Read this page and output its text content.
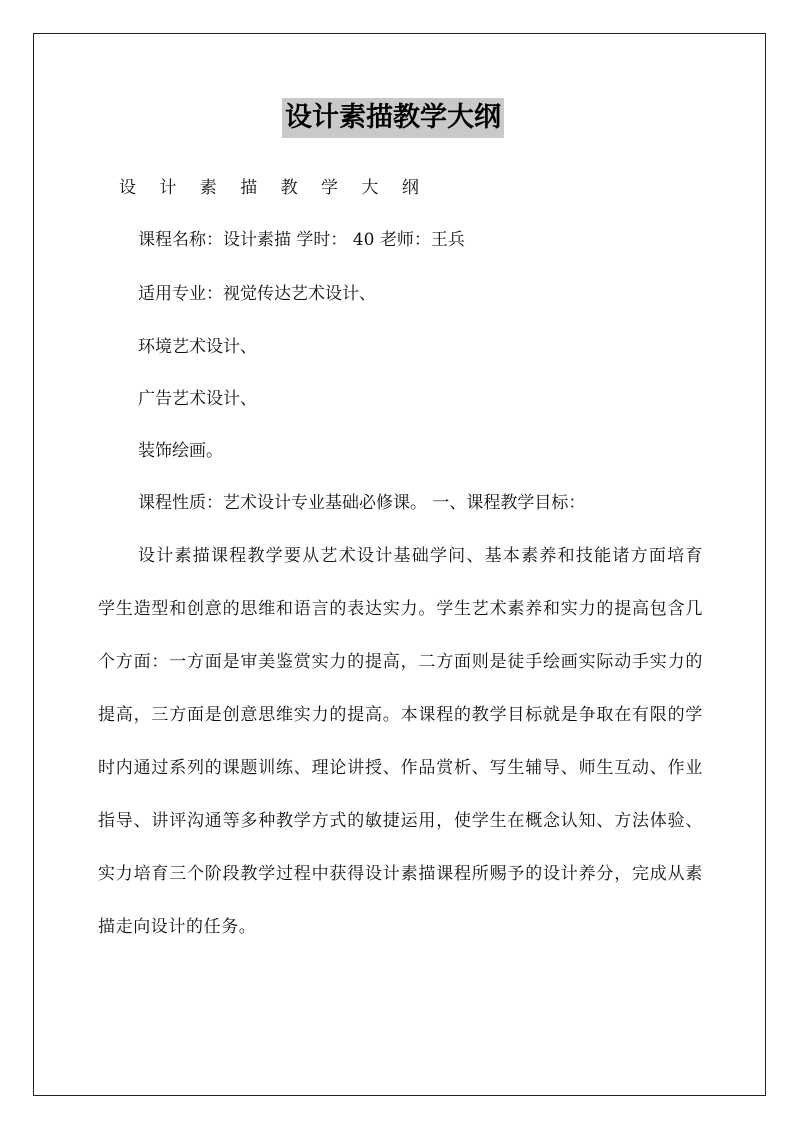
设计素描教学大纲
设 计 素 描 教 学 大 纲
课程名称：设计素描 学时： 40 老师：王兵
适用专业：视觉传达艺术设计、
环境艺术设计、
广告艺术设计、
装饰绘画。
课程性质：艺术设计专业基础必修课。 一、课程教学目标：
设计素描课程教学要从艺术设计基础学问、基本素养和技能诸方面培育 学生造型和创意的思维和语言的表达实力。学生艺术素养和实力的提高包含几个方面：一方面是审美鉴赏实力的提高，二方面则是徒手绘画实际动手实力的提高，三方面是创意思维实力的提高。本课程的教学目标就是争取在有限的学时内通过系列的课题训练、理论讲授、作品赏析、写生辅导、师生互动、作业指导、讲评沟通等多种教学方式的敏捷运用，使学生在概念认知、方法体验、实力培育三个阶段教学过程中获得设计素描课程所赐予的设计养分，完成从素描走向设计的任务。
